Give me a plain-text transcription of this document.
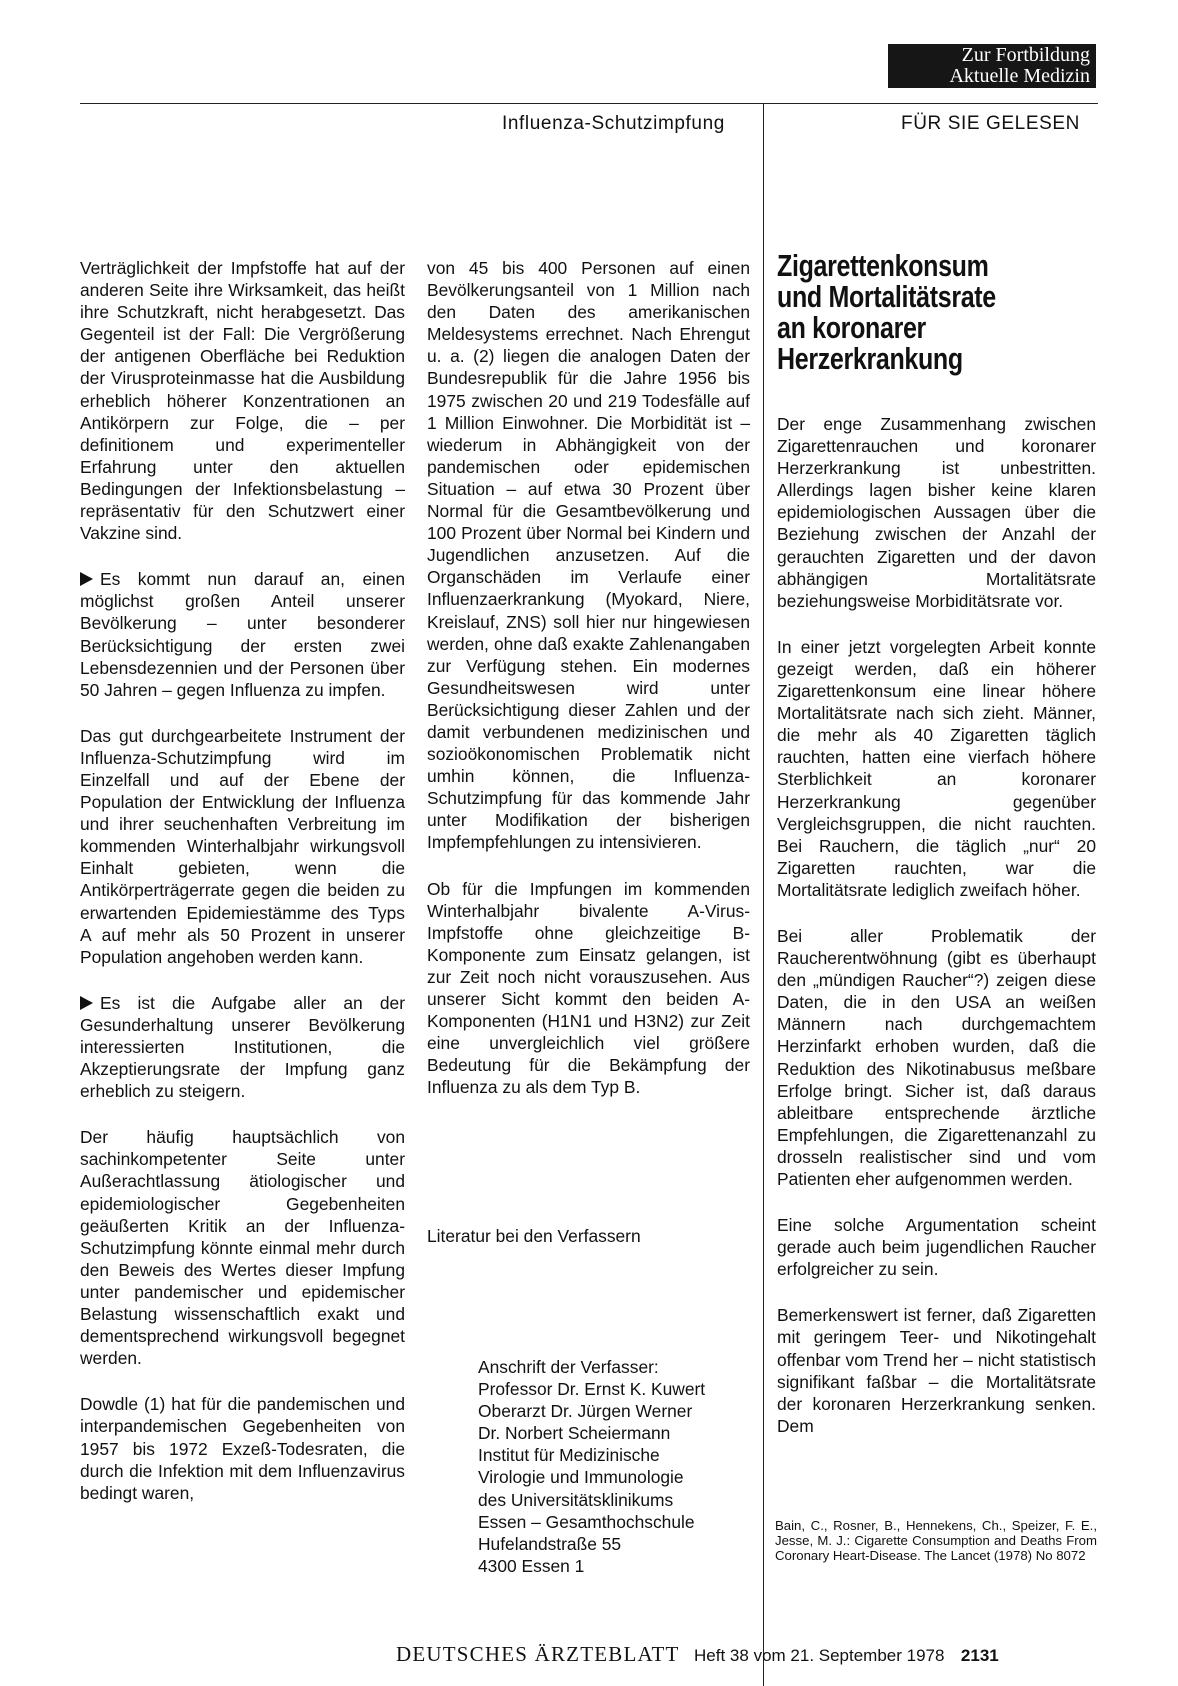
Zur Fortbildung
Aktuelle Medizin
Influenza-Schutzimpfung	FÜR SIE GELESEN

Verträglichkeit der Impfstoffe hat auf der anderen Seite ihre Wirksamkeit, das heißt ihre Schutzkraft, nicht herabgesetzt. Das Gegenteil ist der Fall: Die Vergrößerung der antigenen Oberfläche bei Reduktion der Virusproteinmasse hat die Ausbildung erheblich höherer Konzentrationen an Antikörpern zur Folge, die – per definitionem und experimenteller Erfahrung unter den aktuellen Bedingungen der Infektionsbelastung – repräsentativ für den Schutzwert einer Vakzine sind.

Es kommt nun darauf an, einen möglichst großen Anteil unserer Bevölkerung – unter besonderer Berücksichtigung der ersten zwei Lebensdezennien und der Personen über 50 Jahren – gegen Influenza zu impfen.

Das gut durchgearbeitete Instrument der Influenza-Schutzimpfung wird im Einzelfall und auf der Ebene der Population der Entwicklung der Influenza und ihrer seuchenhaften Verbreitung im kommenden Winterhalbjahr wirkungsvoll Einhalt gebieten, wenn die Antikörperträgerrate gegen die beiden zu erwartenden Epidemiestämme des Typs A auf mehr als 50 Prozent in unserer Population angehoben werden kann.

Es ist die Aufgabe aller an der Gesunderhaltung unserer Bevölkerung interessierten Institutionen, die Akzeptierungsrate der Impfung ganz erheblich zu steigern.

Der häufig hauptsächlich von sachinkompetenter Seite unter Außerachtlassung ätiologischer und epidemiologischer Gegebenheiten geäußerten Kritik an der Influenza-Schutzimpfung könnte einmal mehr durch den Beweis des Wertes dieser Impfung unter pandemischer und epidemischer Belastung wissenschaftlich exakt und dementsprechend wirkungsvoll begegnet werden.

Dowdle (1) hat für die pandemischen und interpandemischen Gegebenheiten von 1957 bis 1972 Exzeß-Todesraten, die durch die Infektion mit dem Influenzavirus bedingt waren,

von 45 bis 400 Personen auf einen Bevölkerungsanteil von 1 Million nach den Daten des amerikanischen Meldesystems errechnet. Nach Ehrengut u. a. (2) liegen die analogen Daten der Bundesrepublik für die Jahre 1956 bis 1975 zwischen 20 und 219 Todesfälle auf 1 Million Einwohner. Die Morbidität ist – wiederum in Abhängigkeit von der pandemischen oder epidemischen Situation – auf etwa 30 Prozent über Normal für die Gesamtbevölkerung und 100 Prozent über Normal bei Kindern und Jugendlichen anzusetzen. Auf die Organschäden im Verlaufe einer Influenzaerkrankung (Myokard, Niere, Kreislauf, ZNS) soll hier nur hingewiesen werden, ohne daß exakte Zahlenangaben zur Verfügung stehen. Ein modernes Gesundheitswesen wird unter Berücksichtigung dieser Zahlen und der damit verbundenen medizinischen und sozioökonomischen Problematik nicht umhin können, die Influenza-Schutzimpfung für das kommende Jahr unter Modifikation der bisherigen Impfempfehlungen zu intensivieren.

Ob für die Impfungen im kommenden Winterhalbjahr bivalente A-Virus-Impfstoffe ohne gleichzeitige B-Komponente zum Einsatz gelangen, ist zur Zeit noch nicht vorauszusehen. Aus unserer Sicht kommt den beiden A-Komponenten (H1N1 und H3N2) zur Zeit eine unvergleichlich viel größere Bedeutung für die Bekämpfung der Influenza zu als dem Typ B.

Literatur bei den Verfassern
Anschrift der Verfasser:
Professor Dr. Ernst K. Kuwert
Oberarzt Dr. Jürgen Werner
Dr. Norbert Scheiermann
Institut für Medizinische
Virologie und Immunologie
des Universitätsklinikums
Essen – Gesamthochschule
Hufelandstraße 55
4300 Essen 1
Zigarettenkonsum
und Mortalitätsrate
an koronarer
Herzerkrankung

Der enge Zusammenhang zwischen Zigarettenrauchen und koronarer Herzerkrankung ist unbestritten. Allerdings lagen bisher keine klaren epidemiologischen Aussagen über die Beziehung zwischen der Anzahl der gerauchten Zigaretten und der davon abhängigen Mortalitätsrate beziehungsweise Morbiditätsrate vor.

In einer jetzt vorgelegten Arbeit konnte gezeigt werden, daß ein höherer Zigarettenkonsum eine linear höhere Mortalitätsrate nach sich zieht. Männer, die mehr als 40 Zigaretten täglich rauchten, hatten eine vierfach höhere Sterblichkeit an koronarer Herzerkrankung gegenüber Vergleichsgruppen, die nicht rauchten. Bei Rauchern, die täglich „nur“ 20 Zigaretten rauchten, war die Mortalitätsrate lediglich zweifach höher.

Bei aller Problematik der Raucherentwöhnung (gibt es überhaupt den „mündigen Raucher“?) zeigen diese Daten, die in den USA an weißen Männern nach durchgemachtem Herzinfarkt erhoben wurden, daß die Reduktion des Nikotinabusus meßbare Erfolge bringt. Sicher ist, daß daraus ableitbare entsprechende ärztliche Empfehlungen, die Zigarettenanzahl zu drosseln realistischer sind und vom Patienten eher aufgenommen werden.

Eine solche Argumentation scheint gerade auch beim jugendlichen Raucher erfolgreicher zu sein.

Bemerkenswert ist ferner, daß Zigaretten mit geringem Teer- und Nikotingehalt offenbar vom Trend her – nicht statistisch signifikant faßbar – die Mortalitätsrate der koronaren Herzerkrankung senken. Dem

Bain, C., Rosner, B., Hennekens, Ch., Speizer, F. E., Jesse, M. J.: Cigarette Consumption and Deaths From Coronary Heart-Disease. The Lancet (1978) No 8072

DEUTSCHES ÄRZTEBLATT Heft 38 vom 21. September 1978 2131
